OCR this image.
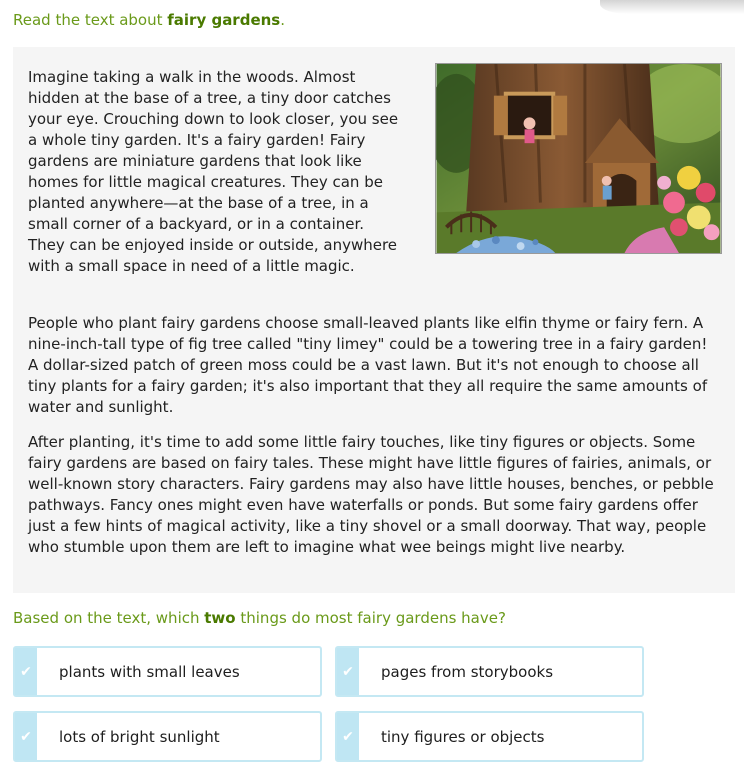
Read the text about fairy gardens.

Imagine taking a walk in the woods. Almost hidden at the base of a tree, a tiny door catches your eye. Crouching down to look closer, you see a whole tiny garden. It's a fairy garden! Fairy gardens are miniature gardens that look like homes for little magical creatures. They can be planted anywhere—at the base of a tree, in a small corner of a backyard, or in a container. They can be enjoyed inside or outside, anywhere with a small space in need of a little magic.

People who plant fairy gardens choose small-leaved plants like elfin thyme or fairy fern. A nine-inch-tall type of fig tree called "tiny limey" could be a towering tree in a fairy garden! A dollar-sized patch of green moss could be a vast lawn. But it's not enough to choose all tiny plants for a fairy garden; it's also important that they all require the same amounts of water and sunlight.

After planting, it's time to add some little fairy touches, like tiny figures or objects. Some fairy gardens are based on fairy tales. These might have little figures of fairies, animals, or well-known story characters. Fairy gardens may also have little houses, benches, or pebble pathways. Fancy ones might even have waterfalls or ponds. But some fairy gardens offer just a few hints of magical activity, like a tiny shovel or a small doorway. That way, people who stumble upon them are left to imagine what wee beings might live nearby.

Based on the text, which two things do most fairy gardens have?
✔	plants with small leaves	✔	pages from storybooks
✔	lots of bright sunlight	✔	tiny figures or objects
